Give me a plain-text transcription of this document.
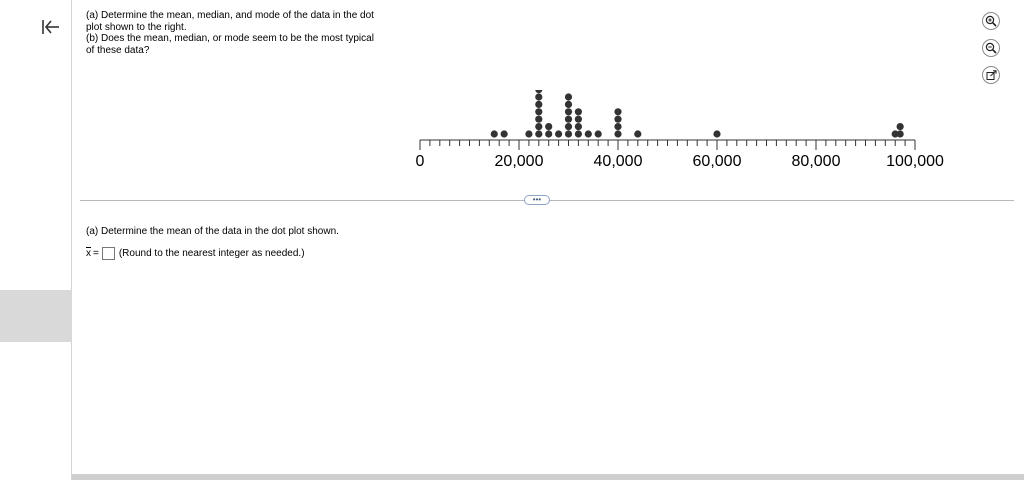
(a) Determine the mean, median, and mode of the data in the dot
plot shown to the right.
(b) Does the mean, median, or mode seem to be the most typical
of these data?
0	20,000	40,000	60,000	80,000	100,000
•••
(a) Determine the mean of the data in the dot plot shown.
x = (Round to the nearest integer as needed.)
